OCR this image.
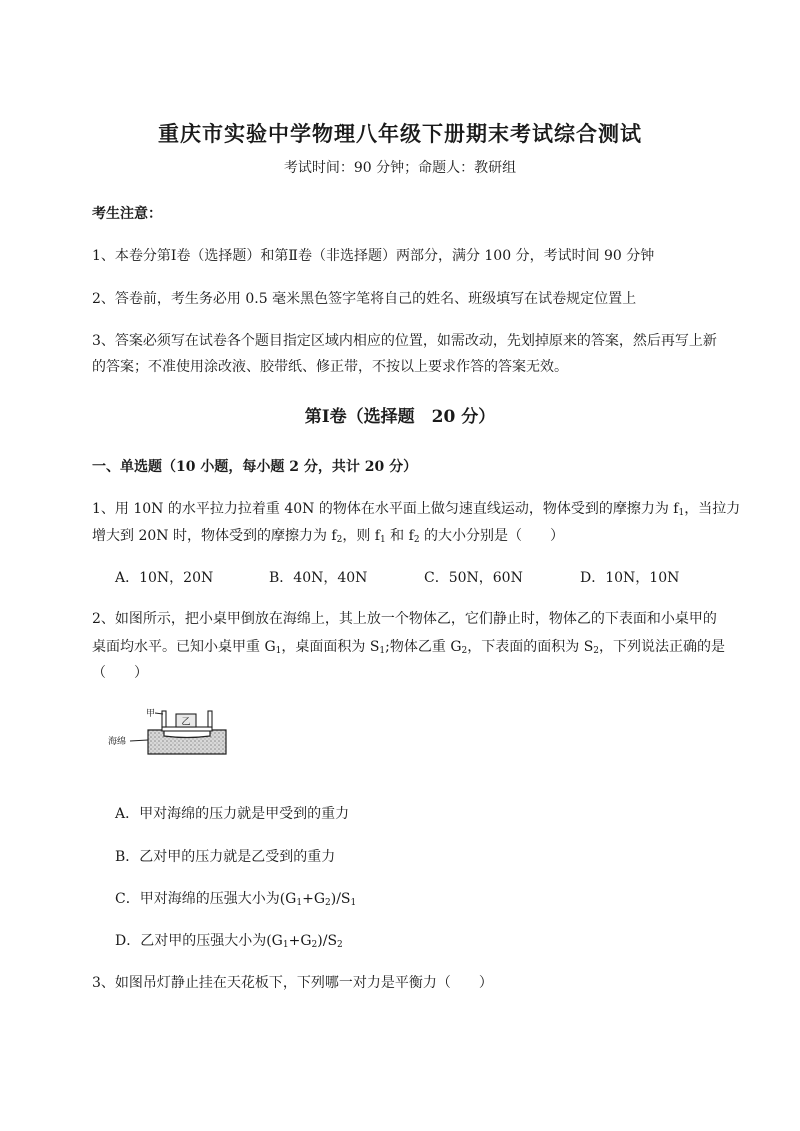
重庆市实验中学物理八年级下册期末考试综合测试
考试时间：90 分钟；命题人：教研组
考生注意：
1、本卷分第Ⅰ卷（选择题）和第Ⅱ卷（非选择题）两部分，满分 100 分，考试时间 90 分钟
2、答卷前，考生务必用 0.5 毫米黑色签字笔将自己的姓名、班级填写在试卷规定位置上
3、答案必须写在试卷各个题目指定区域内相应的位置，如需改动，先划掉原来的答案，然后再写上新
的答案；不准使用涂改液、胶带纸、修正带，不按以上要求作答的答案无效。
第Ⅰ卷（选择题　20 分）
一、单选题（10 小题，每小题 2 分，共计 20 分）
1、用 10N 的水平拉力拉着重 40N 的物体在水平面上做匀速直线运动，物体受到的摩擦力为 $f_1$，当拉力
增大到 20N 时，物体受到的摩擦力为 $f_2$，则 $f_1$ 和 $f_2$ 的大小分别是（　　）
A．10N，20N	B．40N，40N	C．50N，60N	D．10N，10N
2、如图所示，把小桌甲倒放在海绵上，其上放一个物体乙，它们静止时，物体乙的下表面和小桌甲的
桌面均水平。已知小桌甲重 $G_1$，桌面面积为 $S_1$;物体乙重 $G_2$，下表面的面积为 $S_2$，下列说法正确的是
（　　）
乙
甲
海绵
A．甲对海绵的压力就是甲受到的重力
B．乙对甲的压力就是乙受到的重力
C．甲对海绵的压强大小为$(G_1+G_2)/S_1$
D．乙对甲的压强大小为$(G_1+G_2)/S_2$
3、如图吊灯静止挂在天花板下，下列哪一对力是平衡力（　　）
